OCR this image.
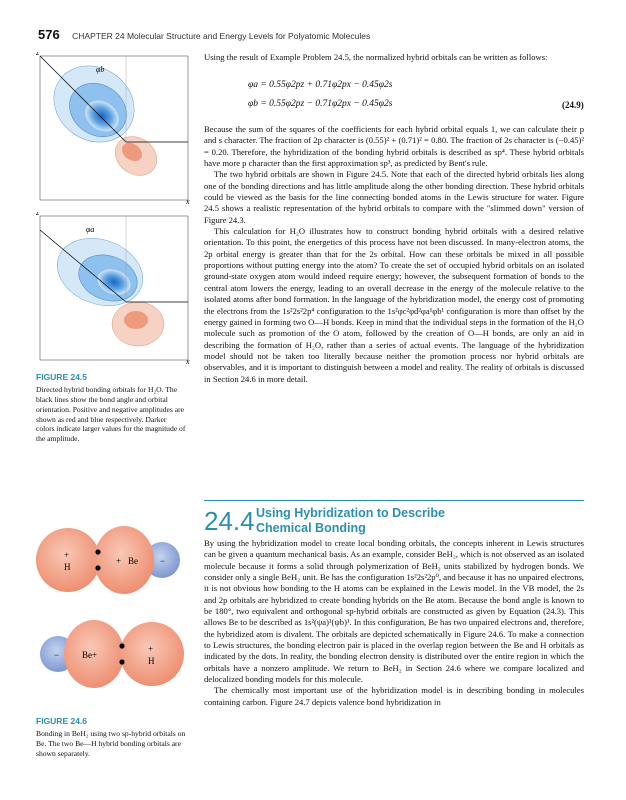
576 CHAPTER 24 Molecular Structure and Energy Levels for Polyatomic Molecules
z
φb
x
z
φa
x
FIGURE 24.5
Directed hybrid bonding orbitals for H₂O. The black lines show the bond angle and orbital orientation. Positive and negative amplitudes are shown as red and blue respectively. Darker colors indicate larger values for the magnitude of the amplitude.

Using the result of Example Problem 24.5, the normalized hybrid orbitals can be written as follows:

φa = 0.55φ2pz + 0.71φ2px − 0.45φ2s
φb = 0.55φ2pz − 0.71φ2px − 0.45φ2s	(24.9)

Because the sum of the squares of the coefficients for each hybrid orbital equals 1, we can calculate their p and s character. The fraction of 2p character is (0.55)² + (0.71)² = 0.80. The fraction of 2s character is (−0.45)² = 0.20. Therefore, the hybridization of the bonding hybrid orbitals is described as sp⁴. These hybrid orbitals have more p character than the first approximation sp³, as predicted by Bent's rule.

The two hybrid orbitals are shown in Figure 24.5. Note that each of the directed hybrid orbitals lies along one of the bonding directions and has little amplitude along the other bonding direction. These hybrid orbitals could be viewed as the basis for the line connecting bonded atoms in the Lewis structure for water. Figure 24.5 shows a realistic representation of the hybrid orbitals to compare with the "slimmed down" version of Figure 24.3.

This calculation for H₂O illustrates how to construct bonding hybrid orbitals with a desired relative orientation. To this point, the energetics of this process have not been discussed. In many-electron atoms, the 2p orbital energy is greater than that for the 2s orbital. How can these orbitals be mixed in all possible proportions without putting energy into the atom? To create the set of occupied hybrid orbitals on an isolated ground-state oxygen atom would indeed require energy; however, the subsequent formation of bonds to the central atom lowers the energy, leading to an overall decrease in the energy of the molecule relative to the isolated atoms after bond formation. In the language of the hybridization model, the energy cost of promoting the electrons from the 1s²2s²2p⁴ configuration to the 1s²φc²φd²φa¹φb¹ configuration is more than offset by the energy gained in forming two O—H bonds. Keep in mind that the individual steps in the formation of the H₂O molecule such as promotion of the O atom, followed by the creation of O—H bonds, are only an aid in describing the formation of H₂O, rather than a series of actual events. The language of the hybridization model should not be taken too literally because neither the promotion process nor hybrid orbitals are observables, and it is important to distinguish between a model and reality. The reality of orbitals is discussed in Section 24.6 in more detail.

24.4 Using Hybridization to Describe
Chemical Bonding

By using the hybridization model to create local bonding orbitals, the concepts inherent in Lewis structures can be given a quantum mechanical basis. As an example, consider BeH₂, which is not observed as an isolated molecule because it forms a solid through polymerization of BeH₂ units stabilized by hydrogen bonds. We consider only a single BeH₂ unit. Be has the configuration 1s²2s²2p⁰, and because it has no unpaired electrons, it is not obvious how bonding to the H atoms can be explained in the Lewis model. In the VB model, the 2s and 2p orbitals are hybridized to create bonding hybrids on the Be atom. Because the bond angle is known to be 180°, two equivalent and orthogonal sp-hybrid orbitals are constructed as given by Equation (24.3). This allows Be to be described as 1s²(ψa)¹(ψb)¹. In this configuration, Be has two unpaired electrons and, therefore, the hybridized atom is divalent. The orbitals are depicted schematically in Figure 24.6. To make a connection to Lewis structures, the bonding electron pair is placed in the overlap region between the Be and H orbitals as indicated by the dots. In reality, the bonding electron density is distributed over the entire region in which the orbitals have a nonzero amplitude. We return to BeH₂ in Section 24.6 where we compare localized and delocalized bonding models for this molecule.

The chemically most important use of the hybridization model is in describing bonding in molecules containing carbon. Figure 24.7 depicts valence bond hybridization in

+
H
+ Be −
−	Be+
+
H
FIGURE 24.6
Bonding in BeH₂ using two sp-hybrid orbitals on Be. The two Be—H hybrid bonding orbitals are shown separately.
